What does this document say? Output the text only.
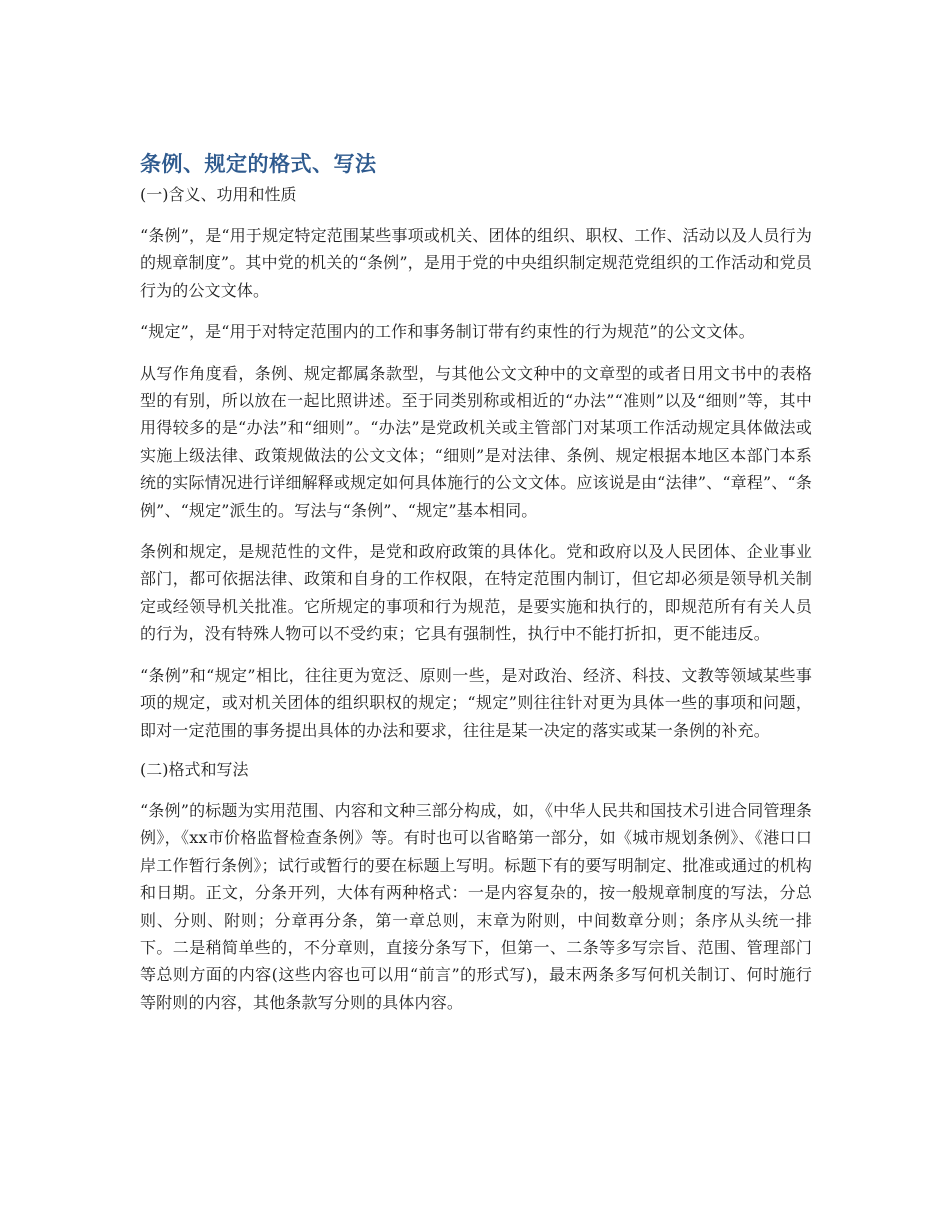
条例、规定的格式、写法

(一)含义、功用和性质

“条例”，是“用于规定特定范围某些事项或机关、团体的组织、职权、工作、活动以及人员行为的规章制度”。其中党的机关的“条例”，是用于党的中央组织制定规范党组织的工作活动和党员行为的公文文体。

“规定”，是“用于对特定范围内的工作和事务制订带有约束性的行为规范”的公文文体。

从写作角度看，条例、规定都属条款型，与其他公文文种中的文章型的或者日用文书中的表格型的有别，所以放在一起比照讲述。至于同类别称或相近的“办法”“准则”以及“细则”等，其中用得较多的是“办法”和“细则”。“办法”是党政机关或主管部门对某项工作活动规定具体做法或实施上级法律、政策规做法的公文文体；“细则”是对法律、条例、规定根据本地区本部门本系统的实际情况进行详细解释或规定如何具体施行的公文文体。应该说是由“法律”、“章程”、“条例”、“规定”派生的。写法与“条例”、“规定”基本相同。

条例和规定，是规范性的文件，是党和政府政策的具体化。党和政府以及人民团体、企业事业部门，都可依据法律、政策和自身的工作权限，在特定范围内制订，但它却必须是领导机关制定或经领导机关批准。它所规定的事项和行为规范，是要实施和执行的，即规范所有有关人员的行为，没有特殊人物可以不受约束；它具有强制性，执行中不能打折扣，更不能违反。

“条例”和“规定”相比，往往更为宽泛、原则一些，是对政治、经济、科技、文教等领域某些事项的规定，或对机关团体的组织职权的规定；“规定”则往往针对更为具体一些的事项和问题，即对一定范围的事务提出具体的办法和要求，往往是某一决定的落实或某一条例的补充。

(二)格式和写法

“条例”的标题为实用范围、内容和文种三部分构成，如，《中华人民共和国技术引进合同管理条例》，《xx市价格监督检查条例》等。有时也可以省略第一部分，如《城市规划条例》、《港口口岸工作暂行条例》；试行或暂行的要在标题上写明。标题下有的要写明制定、批准或通过的机构和日期。正文，分条开列，大体有两种格式：一是内容复杂的，按一般规章制度的写法，分总则、分则、附则；分章再分条，第一章总则，末章为附则，中间数章分则；条序从头统一排下。二是稍简单些的，不分章则，直接分条写下，但第一、二条等多写宗旨、范围、管理部门等总则方面的内容(这些内容也可以用“前言”的形式写)，最末两条多写何机关制订、何时施行等附则的内容，其他条款写分则的具体内容。
